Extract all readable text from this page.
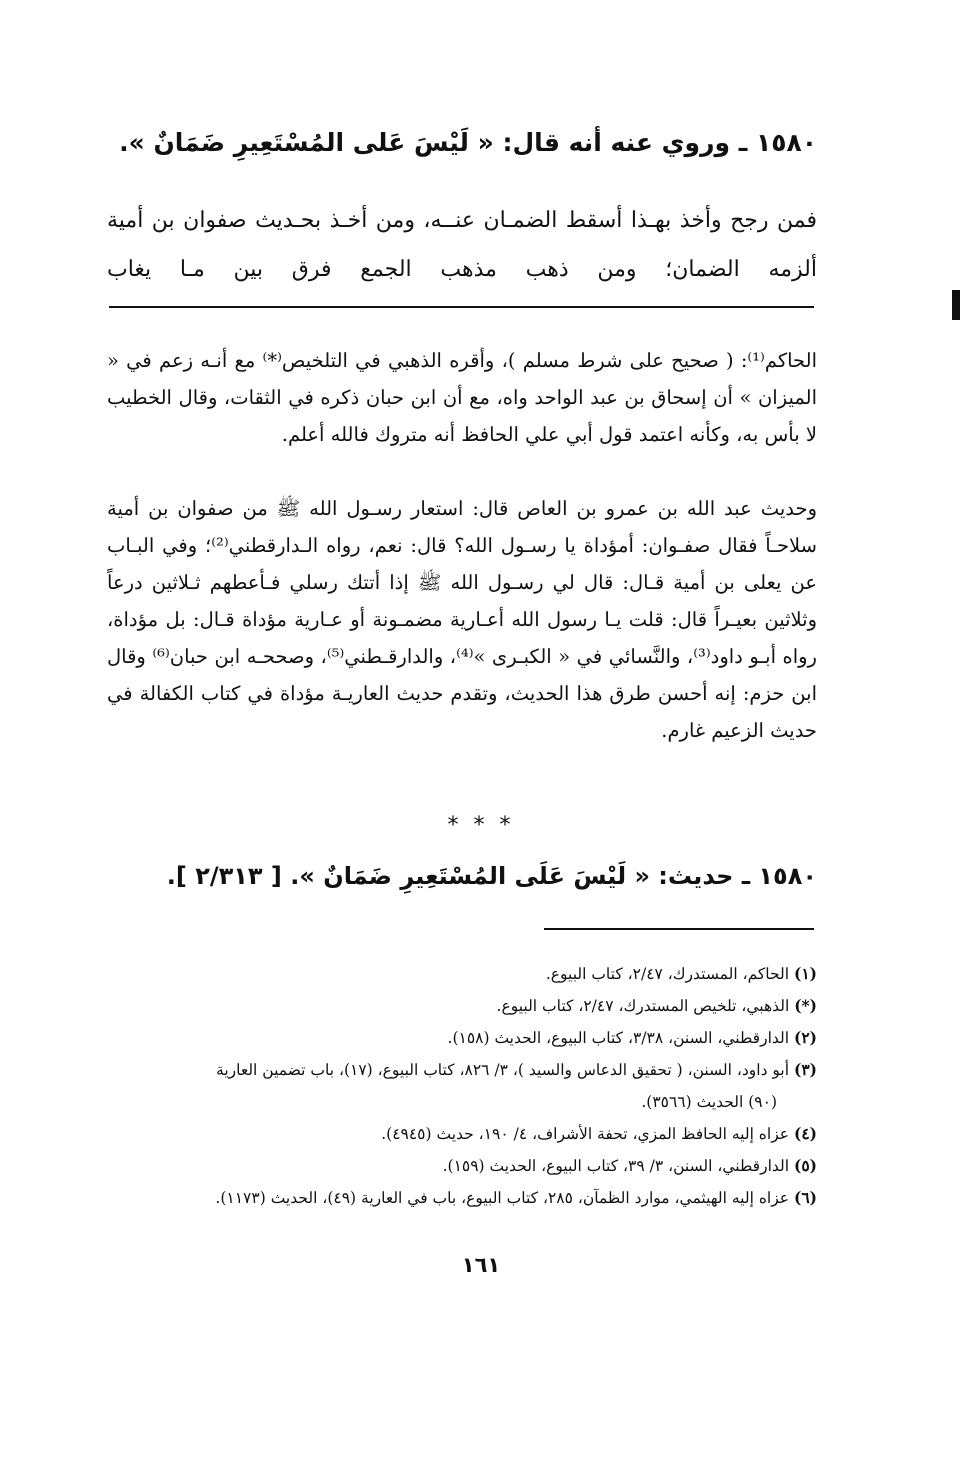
١٥٨٠ ـ وروي عنه أنه قال: « لَيْسَ عَلى المُسْتَعِيرِ ضَمَانٌ ».

فمن رجح وأخذ بهـذا أسقط الضمـان عنــه، ومن أخـذ بحـديث صفوان بن أمية ألزمه الضمان؛ ومن ذهب مذهب الجمع فرق بين مـا يغاب

الحاكم⁽¹⁾: ( صحيح على شرط مسلم )، وأقره الذهبي في التلخيص⁽*⁾ مع أنـه زعم في « الميزان » أن إسحاق بن عبد الواحد واه، مع أن ابن حبان ذكره في الثقات، وقال الخطيب لا بأس به، وكأنه اعتمد قول أبي علي الحافظ أنه متروك فالله أعلم.

وحديث عبد الله بن عمرو بن العاص قال: استعار رسـول الله ﷺ من صفوان بن أمية سلاحـاً فقال صفـوان: أمؤداة يا رسـول الله؟ قال: نعم، رواه الـدارقطني⁽²⁾؛ وفي البـاب عن يعلى بن أمية قـال: قال لي رسـول الله ﷺ إذا أتتك رسلي فـأعطهم ثـلاثين درعاً وثلاثين بعيـراً قال: قلت يـا رسول الله أعـارية مضمـونة أو عـارية مؤداة قـال: بل مؤداة، رواه أبـو داود⁽³⁾، والنَّسائي في « الكبـرى »⁽⁴⁾، والدارقـطني⁽⁵⁾، وصححـه ابن حبان⁽⁶⁾ وقال ابن حزم: إنه أحسن طرق هذا الحديث، وتقدم حديث العاريـة مؤداة في كتاب الكفالة في حديث الزعيم غارم.

* * *
١٥٨٠ ـ حديث: « لَيْسَ عَلَى المُسْتَعِيرِ ضَمَانٌ ». [ ٢/٣١٣ ].

(١) الحاكم، المستدرك، ٢/٤٧، كتاب البيوع.

(*) الذهبي، تلخيص المستدرك، ٢/٤٧، كتاب البيوع.

(٢) الدارقطني، السنن، ٣/٣٨، كتاب البيوع، الحديث (١٥٨).

(٣) أبو داود، السنن، ( تحقيق الدعاس والسيد )، ٣/ ٨٢٦، كتاب البيوع، (١٧)، باب تضمين العارية

(٩٠) الحديث (٣٥٦٦).

(٤) عزاه إليه الحافظ المزي، تحفة الأشراف، ٤/ ١٩٠، حديث (٤٩٤٥).

(٥) الدارقطني، السنن، ٣/ ٣٩، كتاب البيوع، الحديث (١٥٩).

(٦) عزاه إليه الهيثمي، موارد الظمآن، ٢٨٥، كتاب البيوع، باب في العارية (٤٩)، الحديث (١١٧٣).

١٦١
